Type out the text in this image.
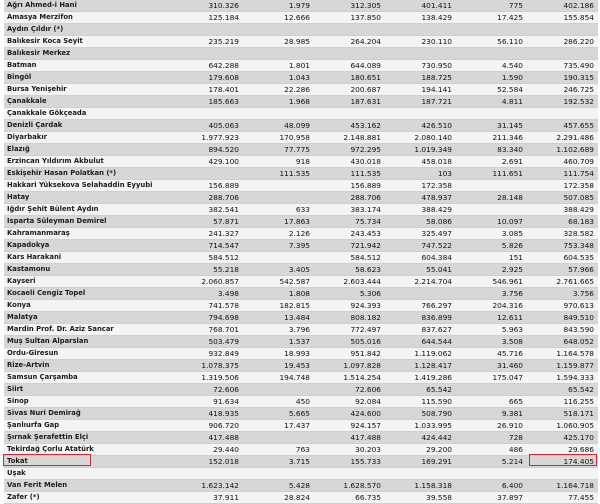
Ağrı Ahmed-i Hani	310.326	1.979	312.305	401.411	775	402.186
Amasya Merzifon	125.184	12.666	137.850	138.429	17.425	155.854
Aydın Çıldır (*)						
Balıkesir Koca Seyit	235.219	28.985	264.204	230.110	56.110	286.220
Balıkesir Merkez						
Batman	642.288	1.801	644.089	730.950	4.540	735.490
Bingöl	179.608	1.043	180.651	188.725	1.590	190.315
Bursa Yenişehir	178.401	22.286	200.687	194.141	52.584	246.725
Çanakkale	185.663	1.968	187.631	187.721	4.811	192.532
Çanakkale Gökçeada						
Denizli Çardak	405.063	48.099	453.162	426.510	31.145	457.655
Diyarbakır	1.977.923	170.958	2.148.881	2.080.140	211.346	2.291.486
Elazığ	894.520	77.775	972.295	1.019.349	83.340	1.102.689
Erzincan Yıldırım Akbulut	429.100	918	430.018	458.018	2.691	460.709
Eskişehir Hasan Polatkan (*)		111.535	111.535	103	111.651	111.754
Hakkari Yüksekova Selahaddin Eyyubi	156.889		156.889	172.358		172.358
Hatay	288.706		288.706	478.937	28.148	507.085
Iğdır Şehit Bülent Aydın	382.541	633	383.174	388.429		388.429
Isparta Süleyman Demirel	57.871	17.863	75.734	58.086	10.097	68.183
Kahramanmaraş	241.327	2.126	243.453	325.497	3.085	328.582
Kapadokya	714.547	7.395	721.942	747.522	5.826	753.348
Kars Harakani	584.512		584.512	604.384	151	604.535
Kastamonu	55.218	3.405	58.623	55.041	2.925	57.966
Kayseri	2.060.857	542.587	2.603.444	2.214.704	546.961	2.761.665
Kocaeli Cengiz Topel	3.498	1.808	5.306		3.756	3.756
Konya	741.578	182.815	924.393	766.297	204.316	970.613
Malatya	794.698	13.484	808.182	836.899	12.611	849.510
Mardin Prof. Dr. Aziz Sancar	768.701	3.796	772.497	837.627	5.963	843.590
Muş Sultan Alparslan	503.479	1.537	505.016	644.544	3.508	648.052
Ordu-Giresun	932.849	18.993	951.842	1.119.062	45.716	1.164.578
Rize-Artvin	1.078.375	19.453	1.097.828	1.128.417	31.460	1.159.877
Samsun Çarşamba	1.319.506	194.748	1.514.254	1.419.286	175.047	1.594.333
Siirt	72.606		72.606	65.542		65.542
Sinop	91.634	450	92.084	115.590	665	116.255
Sivas Nuri Demirağ	418.935	5.665	424.600	508.790	9.381	518.171
Şanlıurfa Gap	906.720	17.437	924.157	1.033.995	26.910	1.060.905
Şırnak Şerafettin Elçi	417.488		417.488	424.442	728	425.170
Tekirdağ Çorlu Atatürk	29.440	763	30.203	29.200	486	29.686
Tokat	152.018	3.715	155.733	169.291	5.214	174.405
Uşak						
Van Ferit Melen	1.623.142	5.428	1.628.570	1.158.318	6.400	1.164.718
Zafer (*)	37.911	28.824	66.735	39.558	37.897	77.455
